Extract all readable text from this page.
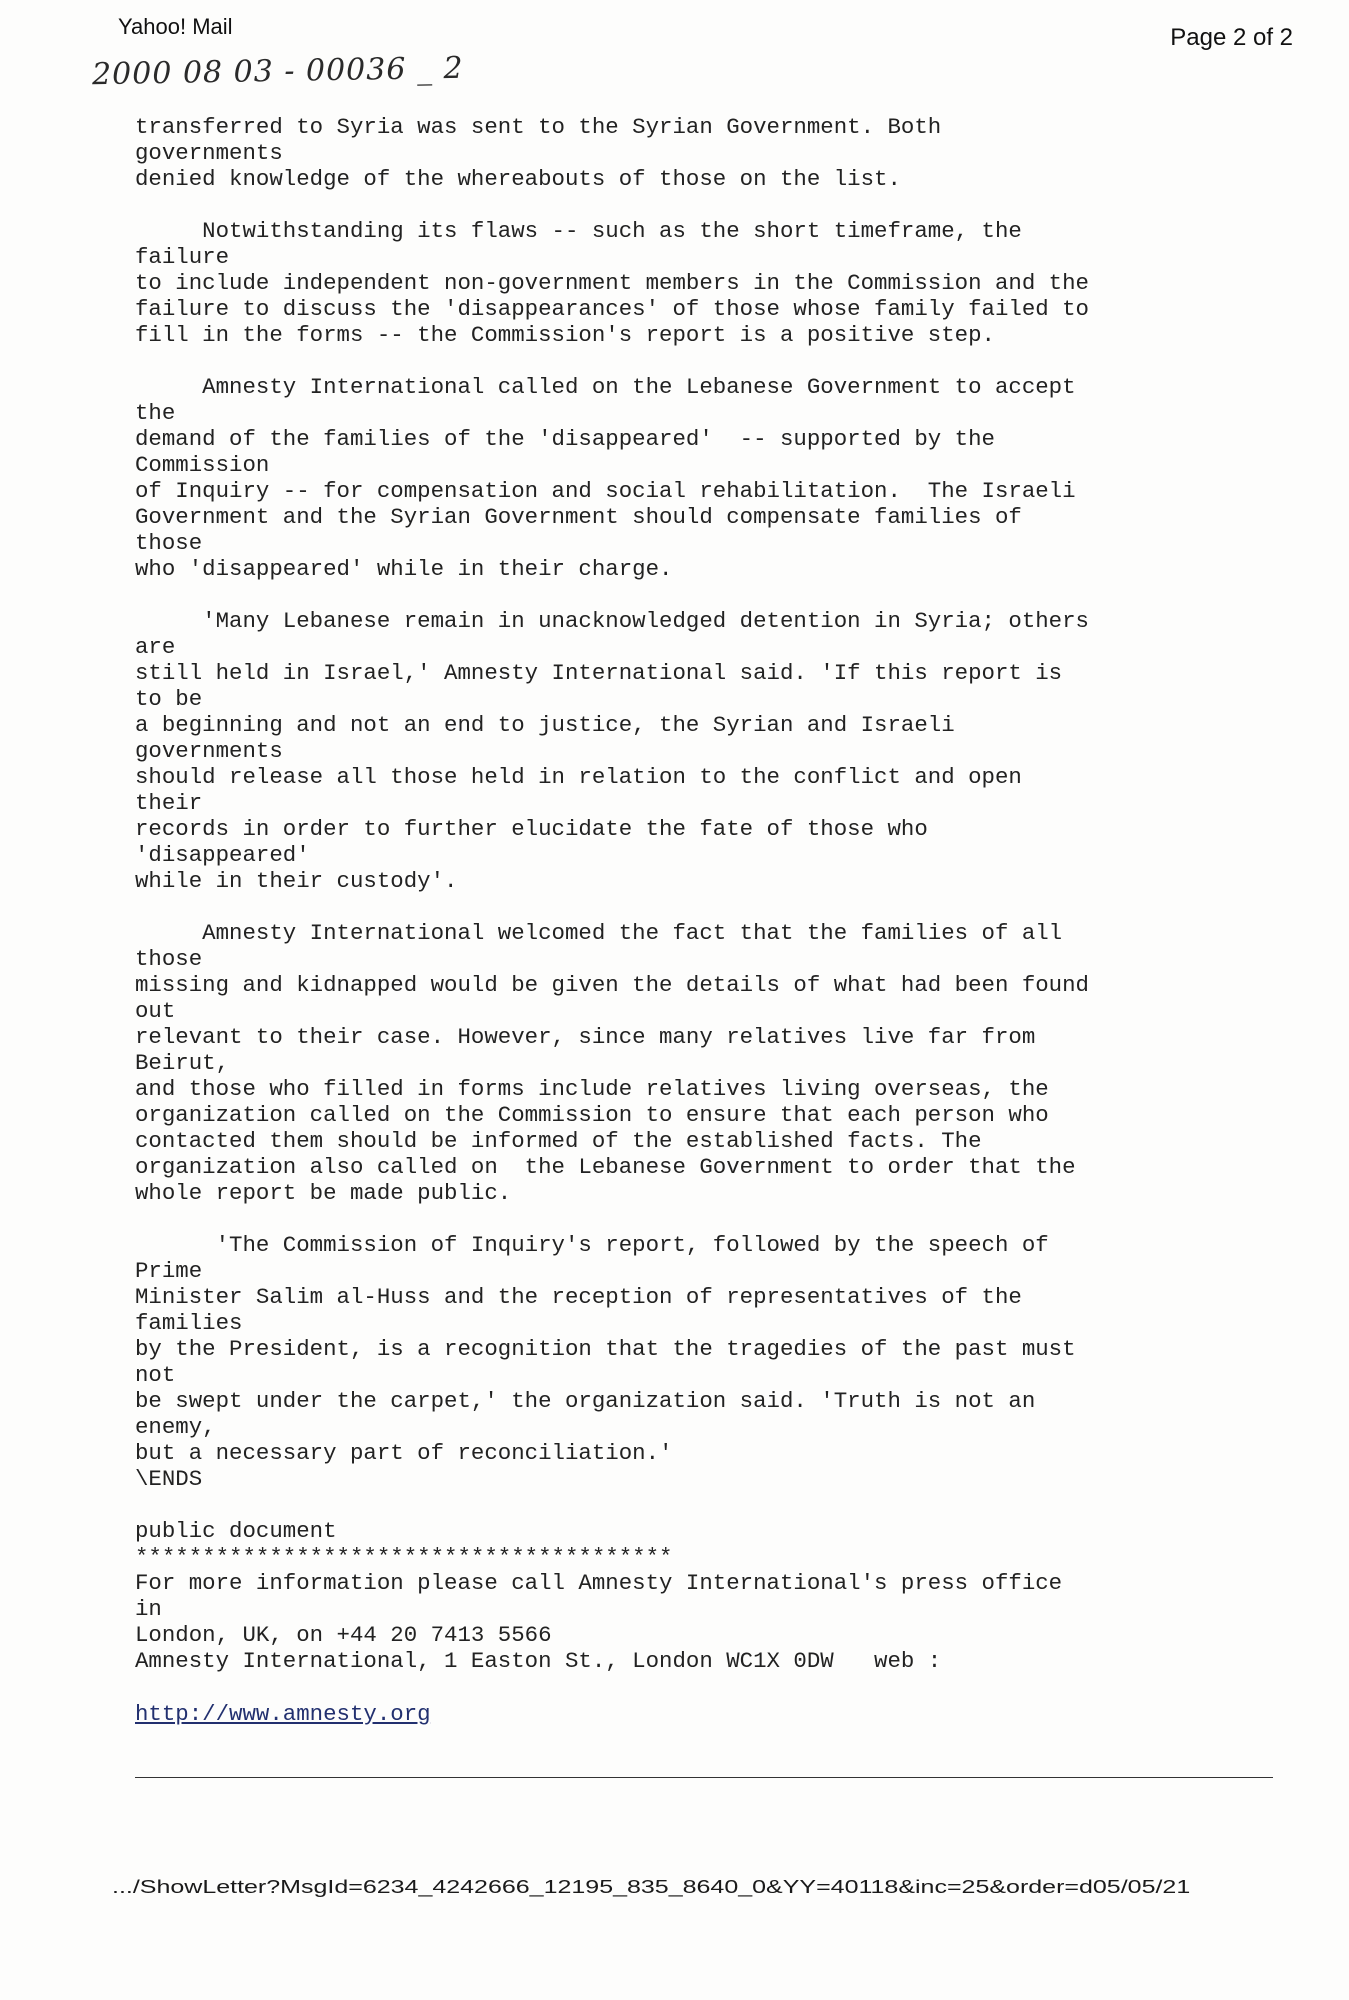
Yahoo! Mail	Page 2 of 2
2000 08 03 - 00036 _ 2
transferred to Syria was sent to the Syrian Government. Both
governments
denied knowledge of the whereabouts of those on the list.

Notwithstanding its flaws -- such as the short timeframe, the
failure
to include independent non-government members in the Commission and the
failure to discuss the 'disappearances' of those whose family failed to
fill in the forms -- the Commission's report is a positive step.

Amnesty International called on the Lebanese Government to accept
the
demand of the families of the 'disappeared'  -- supported by the
Commission
of Inquiry -- for compensation and social rehabilitation.  The Israeli
Government and the Syrian Government should compensate families of
those
who 'disappeared' while in their charge.

'Many Lebanese remain in unacknowledged detention in Syria; others
are
still held in Israel,' Amnesty International said. 'If this report is
to be
a beginning and not an end to justice, the Syrian and Israeli
governments
should release all those held in relation to the conflict and open
their
records in order to further elucidate the fate of those who
'disappeared'
while in their custody'.

Amnesty International welcomed the fact that the families of all
those
missing and kidnapped would be given the details of what had been found
out
relevant to their case. However, since many relatives live far from
Beirut,
and those who filled in forms include relatives living overseas, the
organization called on the Commission to ensure that each person who
contacted them should be informed of the established facts. The
organization also called on  the Lebanese Government to order that the
whole report be made public.

'The Commission of Inquiry's report, followed by the speech of
Prime
Minister Salim al-Huss and the reception of representatives of the
families
by the President, is a recognition that the tragedies of the past must
not
be swept under the carpet,' the organization said. 'Truth is not an
enemy,
but a necessary part of reconciliation.'
\ENDS

public document
****************************************
For more information please call Amnesty International's press office
in
London, UK, on +44 20 7413 5566
Amnesty International, 1 Easton St., London WC1X 0DW   web :

http://www.amnesty.org
.../ShowLetter?MsgId=6234_4242666_12195_835_8640_0&YY=40118&inc=25&order=d05/05/21
